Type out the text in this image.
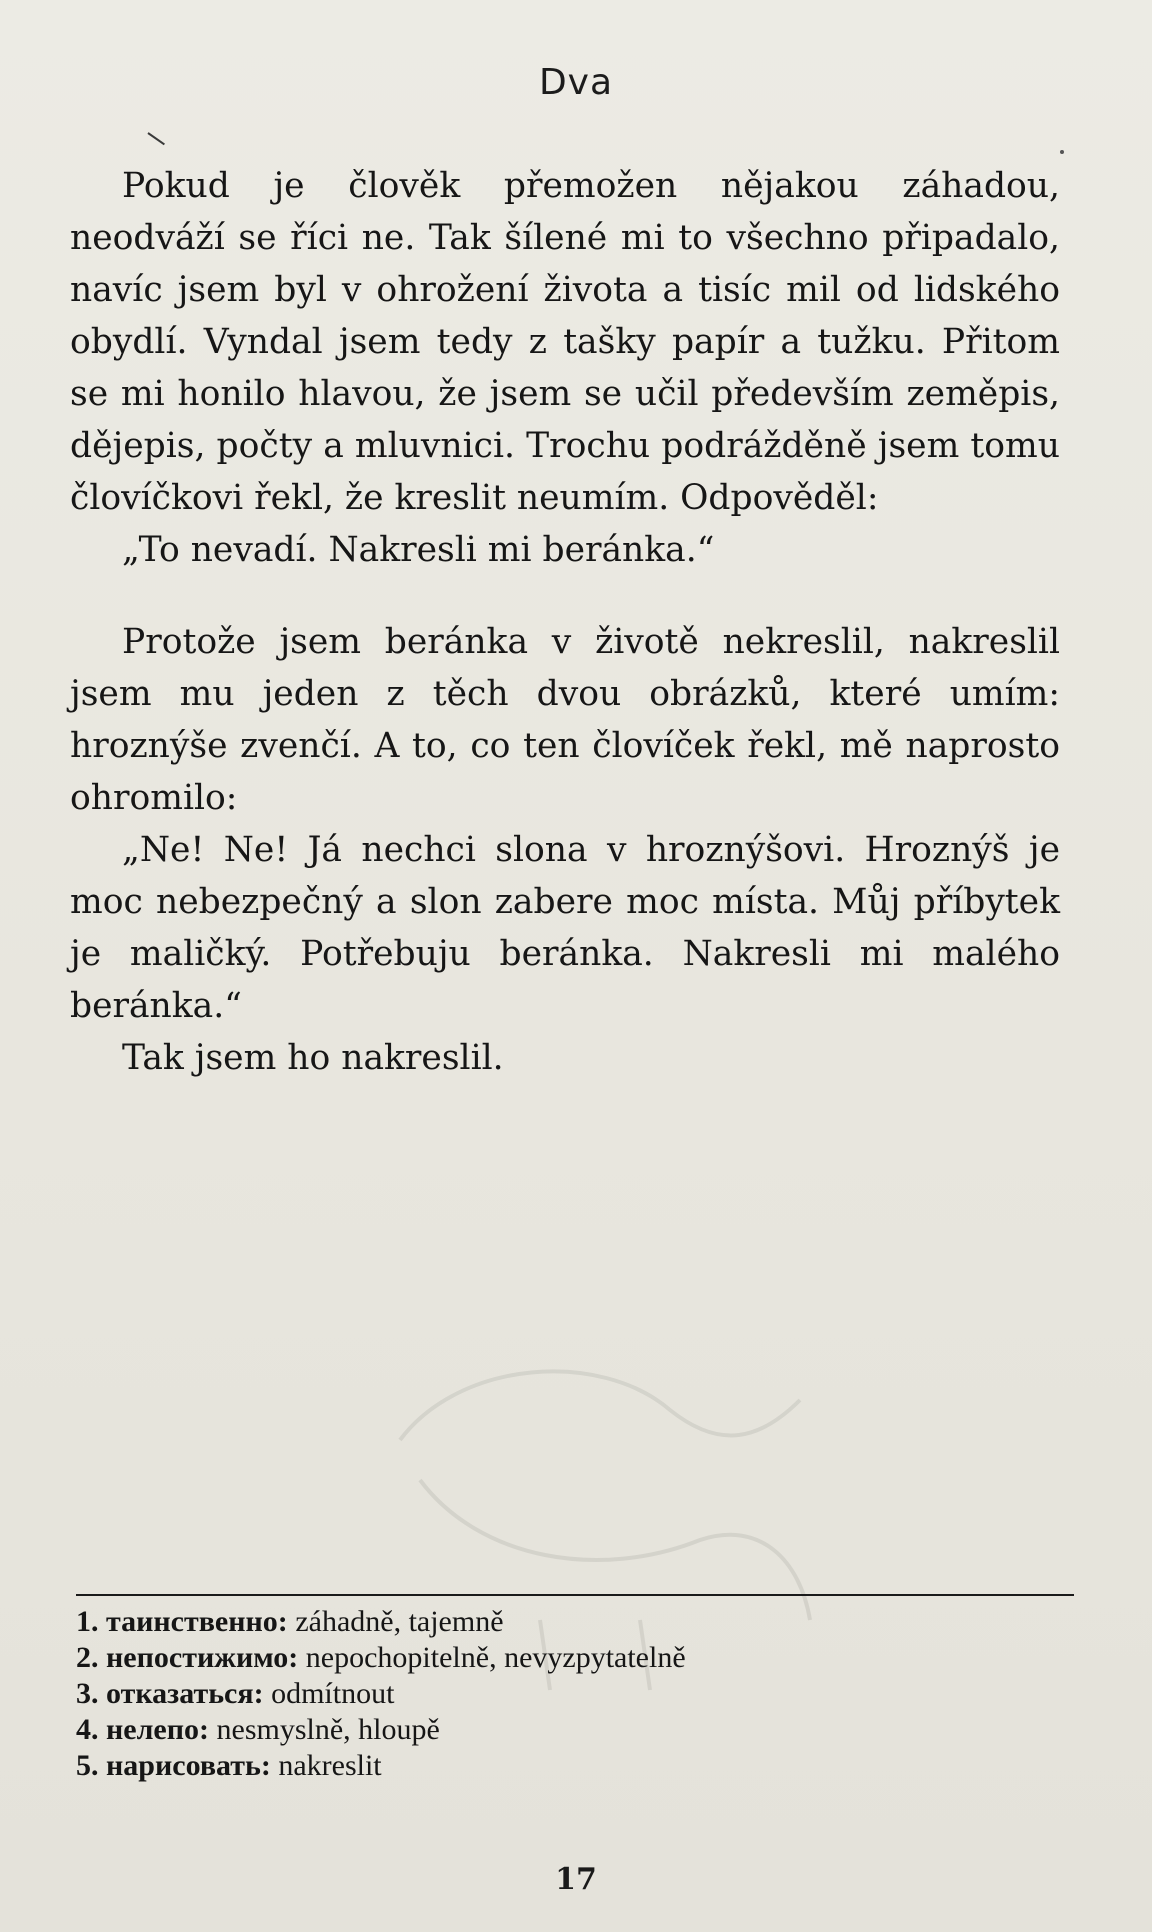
Dva

Pokud je člověk přemožen nějakou záhadou, neodváží se říci ne. Tak šílené mi to všechno připadalo, navíc jsem byl v ohrožení života a tisíc mil od lidského obydlí. Vyndal jsem tedy z tašky papír a tužku. Přitom se mi honilo hlavou, že jsem se učil především zeměpis, dějepis, počty a mluvnici. Trochu podrážděně jsem tomu človíčkovi řekl, že kreslit neumím. Odpověděl:

„To nevadí. Nakresli mi beránka.“

Protože jsem beránka v životě nekreslil, nakreslil jsem mu jeden z těch dvou obrázků, které umím: hroznýše zvenčí. A to, co ten človíček řekl, mě naprosto ohromilo:

„Ne! Ne! Já nechci slona v hroznýšovi. Hroznýš je moc nebezpečný a slon zabere moc místa. Můj příbytek je maličký. Potřebuju beránka. Nakresli mi malého beránka.“

Tak jsem ho nakreslil.

1. таинственно: záhadně, tajemně
2. непостижимо: nepochopitelně, nevyzpytatelně
3. отказаться: odmítnout
4. нелепо: nesmyslně, hloupě
5. нарисовать: nakreslit
17
